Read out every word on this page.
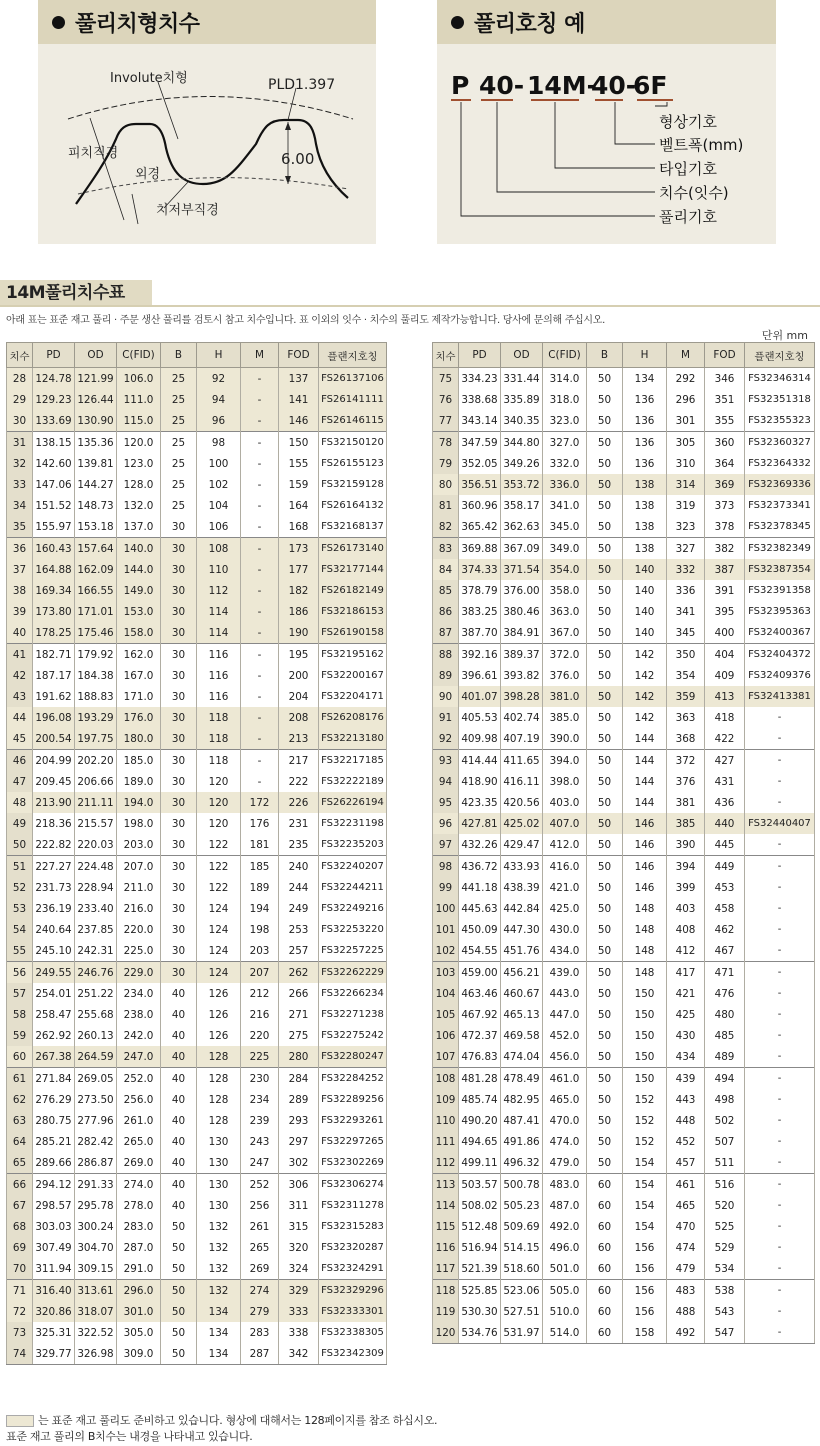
풀리치형치수
Involute치형	PLD1.397
피치직경
외경
6.00
치저부직경
풀리호칭 예
P 40- 14M-
40-
6F
형상기호
벨트폭(mm)
타입기호
치수(잇수)
풀리기호
14M풀리치수표
아래 표는 표준 재고 풀리 · 주문 생산 풀리를 검토시 참고 치수입니다. 표 이외의 잇수 · 치수의 풀리도 제작가능합니다. 당사에 문의해 주십시오.
단위 mm
치수	PD	OD	C(FID)	B	H	M	FOD	플랜지호칭
28	124.78	121.99	106.0	25	92	-	137	FS26137106
29	129.23	126.44	111.0	25	94	-	141	FS26141111
30	133.69	130.90	115.0	25	96	-	146	FS26146115
31	138.15	135.36	120.0	25	98	-	150	FS32150120
32	142.60	139.81	123.0	25	100	-	155	FS26155123
33	147.06	144.27	128.0	25	102	-	159	FS32159128
34	151.52	148.73	132.0	25	104	-	164	FS26164132
35	155.97	153.18	137.0	30	106	-	168	FS32168137
36	160.43	157.64	140.0	30	108	-	173	FS26173140
37	164.88	162.09	144.0	30	110	-	177	FS32177144
38	169.34	166.55	149.0	30	112	-	182	FS26182149
39	173.80	171.01	153.0	30	114	-	186	FS32186153
40	178.25	175.46	158.0	30	114	-	190	FS26190158
41	182.71	179.92	162.0	30	116	-	195	FS32195162
42	187.17	184.38	167.0	30	116	-	200	FS32200167
43	191.62	188.83	171.0	30	116	-	204	FS32204171
44	196.08	193.29	176.0	30	118	-	208	FS26208176
45	200.54	197.75	180.0	30	118	-	213	FS32213180
46	204.99	202.20	185.0	30	118	-	217	FS32217185
47	209.45	206.66	189.0	30	120	-	222	FS32222189
48	213.90	211.11	194.0	30	120	172	226	FS26226194
49	218.36	215.57	198.0	30	120	176	231	FS32231198
50	222.82	220.03	203.0	30	122	181	235	FS32235203
51	227.27	224.48	207.0	30	122	185	240	FS32240207
52	231.73	228.94	211.0	30	122	189	244	FS32244211
53	236.19	233.40	216.0	30	124	194	249	FS32249216
54	240.64	237.85	220.0	30	124	198	253	FS32253220
55	245.10	242.31	225.0	30	124	203	257	FS32257225
56	249.55	246.76	229.0	30	124	207	262	FS32262229
57	254.01	251.22	234.0	40	126	212	266	FS32266234
58	258.47	255.68	238.0	40	126	216	271	FS32271238
59	262.92	260.13	242.0	40	126	220	275	FS32275242
60	267.38	264.59	247.0	40	128	225	280	FS32280247
61	271.84	269.05	252.0	40	128	230	284	FS32284252
62	276.29	273.50	256.0	40	128	234	289	FS32289256
63	280.75	277.96	261.0	40	128	239	293	FS32293261
64	285.21	282.42	265.0	40	130	243	297	FS32297265
65	289.66	286.87	269.0	40	130	247	302	FS32302269
66	294.12	291.33	274.0	40	130	252	306	FS32306274
67	298.57	295.78	278.0	40	130	256	311	FS32311278
68	303.03	300.24	283.0	50	132	261	315	FS32315283
69	307.49	304.70	287.0	50	132	265	320	FS32320287
70	311.94	309.15	291.0	50	132	269	324	FS32324291
71	316.40	313.61	296.0	50	132	274	329	FS32329296
72	320.86	318.07	301.0	50	134	279	333	FS32333301
73	325.31	322.52	305.0	50	134	283	338	FS32338305
74	329.77	326.98	309.0	50	134	287	342	FS32342309
치수	PD	OD	C(FID)	B	H	M	FOD	플랜지호칭
75	334.23	331.44	314.0	50	134	292	346	FS32346314
76	338.68	335.89	318.0	50	136	296	351	FS32351318
77	343.14	340.35	323.0	50	136	301	355	FS32355323
78	347.59	344.80	327.0	50	136	305	360	FS32360327
79	352.05	349.26	332.0	50	136	310	364	FS32364332
80	356.51	353.72	336.0	50	138	314	369	FS32369336
81	360.96	358.17	341.0	50	138	319	373	FS32373341
82	365.42	362.63	345.0	50	138	323	378	FS32378345
83	369.88	367.09	349.0	50	138	327	382	FS32382349
84	374.33	371.54	354.0	50	140	332	387	FS32387354
85	378.79	376.00	358.0	50	140	336	391	FS32391358
86	383.25	380.46	363.0	50	140	341	395	FS32395363
87	387.70	384.91	367.0	50	140	345	400	FS32400367
88	392.16	389.37	372.0	50	142	350	404	FS32404372
89	396.61	393.82	376.0	50	142	354	409	FS32409376
90	401.07	398.28	381.0	50	142	359	413	FS32413381
91	405.53	402.74	385.0	50	142	363	418	-
92	409.98	407.19	390.0	50	144	368	422	-
93	414.44	411.65	394.0	50	144	372	427	-
94	418.90	416.11	398.0	50	144	376	431	-
95	423.35	420.56	403.0	50	144	381	436	-
96	427.81	425.02	407.0	50	146	385	440	FS32440407
97	432.26	429.47	412.0	50	146	390	445	-
98	436.72	433.93	416.0	50	146	394	449	-
99	441.18	438.39	421.0	50	146	399	453	-
100	445.63	442.84	425.0	50	148	403	458	-
101	450.09	447.30	430.0	50	148	408	462	-
102	454.55	451.76	434.0	50	148	412	467	-
103	459.00	456.21	439.0	50	148	417	471	-
104	463.46	460.67	443.0	50	150	421	476	-
105	467.92	465.13	447.0	50	150	425	480	-
106	472.37	469.58	452.0	50	150	430	485	-
107	476.83	474.04	456.0	50	150	434	489	-
108	481.28	478.49	461.0	50	150	439	494	-
109	485.74	482.95	465.0	50	152	443	498	-
110	490.20	487.41	470.0	50	152	448	502	-
111	494.65	491.86	474.0	50	152	452	507	-
112	499.11	496.32	479.0	50	154	457	511	-
113	503.57	500.78	483.0	60	154	461	516	-
114	508.02	505.23	487.0	60	154	465	520	-
115	512.48	509.69	492.0	60	154	470	525	-
116	516.94	514.15	496.0	60	156	474	529	-
117	521.39	518.60	501.0	60	156	479	534	-
118	525.85	523.06	505.0	60	156	483	538	-
119	530.30	527.51	510.0	60	156	488	543	-
120	534.76	531.97	514.0	60	158	492	547	-
는 표준 재고 풀리도 준비하고 있습니다. 형상에 대해서는 128페이지를 참조 하십시오.
표준 재고 풀리의 B치수는 내경을 나타내고 있습니다.
